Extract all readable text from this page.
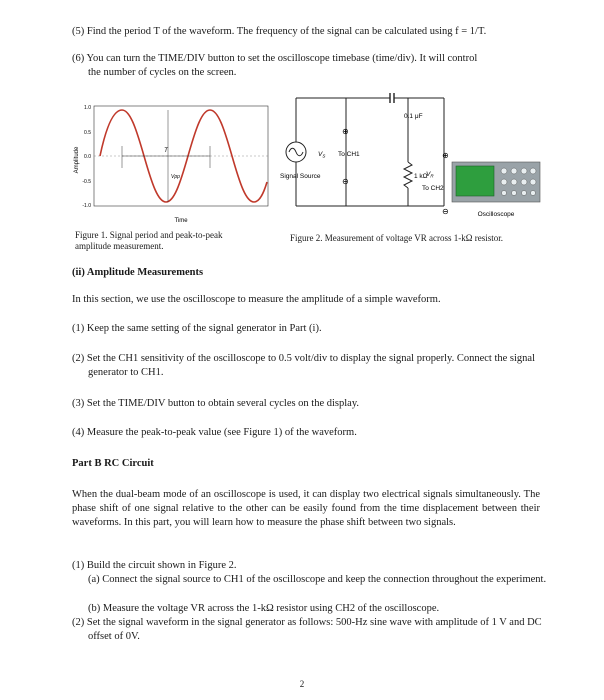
(5) Find the period T of the waveform. The frequency of the signal can be calculated using f = 1/T.
(6) You can turn the TIME/DIV button to set the oscilloscope timebase (time/div). It will control
the number of cycles on the screen.
Amplitude
1.0
0.5
0.0
-0.5
-1.0
T
Vpp
Time
Figure 1. Signal period and peak-to-peak
amplitude measurement.
0.1 μF
Signal Source
⊕
⊖
$V_S$ To CH1
1 kΩ
⊕
⊖
$V_R$
To CH2
Oscilloscope
Figure 2. Measurement of voltage VR across 1-kΩ resistor.
(ii) Amplitude Measurements
In this section, we use the oscilloscope to measure the amplitude of a simple waveform.
(1) Keep the same setting of the signal generator in Part (i).
(2) Set the CH1 sensitivity of the oscilloscope to 0.5 volt/div to display the signal properly. Connect the signal generator to CH1.
(3) Set the TIME/DIV button to obtain several cycles on the display.
(4) Measure the peak-to-peak value (see Figure 1) of the waveform.
Part B RC Circuit
When the dual-beam mode of an oscilloscope is used, it can display two electrical signals simultaneously. The phase shift of one signal relative to the other can be easily found from the time displacement between their waveforms. In this part, you will learn how to measure the phase shift between two signals.
(1) Build the circuit shown in Figure 2.
(a) Connect the signal source to CH1 of the oscilloscope and keep the connection throughout the experiment.
(b) Measure the voltage VR across the 1-kΩ resistor using CH2 of the oscilloscope.
(2) Set the signal waveform in the signal generator as follows: 500-Hz sine wave with amplitude of 1 V and DC offset of 0V.
2
